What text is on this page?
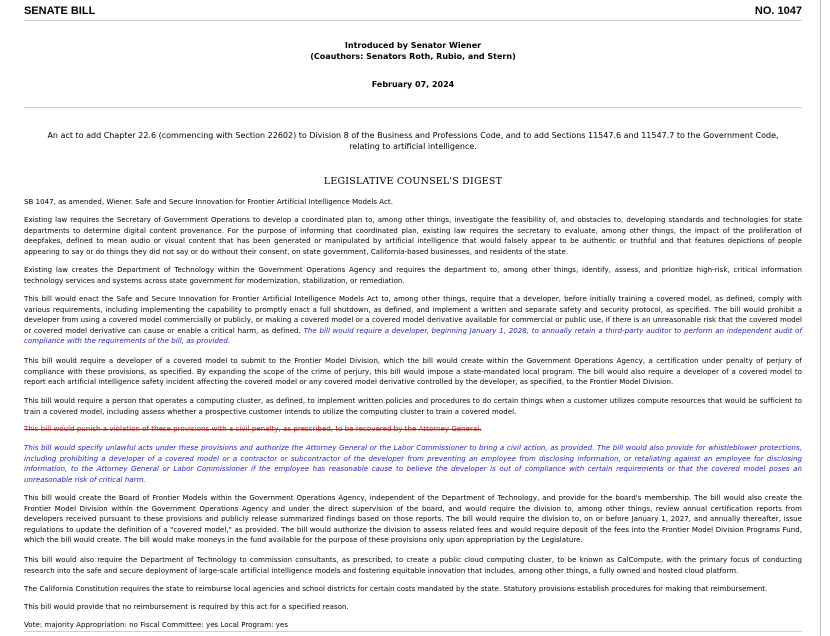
SENATE BILL	NO. 1047
Introduced by Senator Wiener
(Coauthors: Senators Roth, Rubio, and Stern)
February 07, 2024
An act to add Chapter 22.6 (commencing with Section 22602) to Division 8 of the Business and Professions Code, and to add Sections 11547.6 and 11547.7 to the Government Code, relating to artificial intelligence.
LEGISLATIVE COUNSEL'S DIGEST
SB 1047, as amended, Wiener. Safe and Secure Innovation for Frontier Artificial Intelligence Models Act.
Existing law requires the Secretary of Government Operations to develop a coordinated plan to, among other things, investigate the feasibility of, and obstacles to, developing standards and technologies for state departments to determine digital content provenance. For the purpose of informing that coordinated plan, existing law requires the secretary to evaluate, among other things, the impact of the proliferation of deepfakes, defined to mean audio or visual content that has been generated or manipulated by artificial intelligence that would falsely appear to be authentic or truthful and that features depictions of people appearing to say or do things they did not say or do without their consent, on state government, California-based businesses, and residents of the state.
Existing law creates the Department of Technology within the Government Operations Agency and requires the department to, among other things, identify, assess, and prioritize high-risk, critical information technology services and systems across state government for modernization, stabilization, or remediation.
This bill would enact the Safe and Secure Innovation for Frontier Artificial Intelligence Models Act to, among other things, require that a developer, before initially training a covered model, as defined, comply with various requirements, including implementing the capability to promptly enact a full shutdown, as defined, and implement a written and separate safety and security protocol, as specified. The bill would prohibit a developer from using a covered model commercially or publicly, or making a covered model or a covered model derivative available for commercial or public use, if there is an unreasonable risk that the covered model or covered model derivative can cause or enable a critical harm, as defined. The bill would require a developer, beginning January 1, 2028, to annually retain a third-party auditor to perform an independent audit of compliance with the requirements of the bill, as provided.
This bill would require a developer of a covered model to submit to the Frontier Model Division, which the bill would create within the Government Operations Agency, a certification under penalty of perjury of compliance with these provisions, as specified. By expanding the scope of the crime of perjury, this bill would impose a state-mandated local program. The bill would also require a developer of a covered model to report each artificial intelligence safety incident affecting the covered model or any covered model derivative controlled by the developer, as specified, to the Frontier Model Division.
This bill would require a person that operates a computing cluster, as defined, to implement written policies and procedures to do certain things when a customer utilizes compute resources that would be sufficient to train a covered model, including assess whether a prospective customer intends to utilize the computing cluster to train a covered model.
This bill would punish a violation of these provisions with a civil penalty, as prescribed, to be recovered by the Attorney General.
This bill would specify unlawful acts under these provisions and authorize the Attorney General or the Labor Commissioner to bring a civil action, as provided. The bill would also provide for whistleblower protections, including prohibiting a developer of a covered model or a contractor or subcontractor of the developer from preventing an employee from disclosing information, or retaliating against an employee for disclosing information, to the Attorney General or Labor Commissioner if the employee has reasonable cause to believe the developer is out of compliance with certain requirements or that the covered model poses an unreasonable risk of critical harm.
This bill would create the Board of Frontier Models within the Government Operations Agency, independent of the Department of Technology, and provide for the board's membership. The bill would also create the Frontier Model Division within the Government Operations Agency and under the direct supervision of the board, and would require the division to, among other things, review annual certification reports from developers received pursuant to these provisions and publicly release summarized findings based on those reports. The bill would require the division to, on or before January 1, 2027, and annually thereafter, issue regulations to update the definition of a "covered model," as provided. The bill would authorize the division to assess related fees and would require deposit of the fees into the Frontier Model Division Programs Fund, which the bill would create. The bill would make moneys in the fund available for the purpose of these provisions only upon appropriation by the Legislature.
This bill would also require the Department of Technology to commission consultants, as prescribed, to create a public cloud computing cluster, to be known as CalCompute, with the primary focus of conducting research into the safe and secure deployment of large-scale artificial intelligence models and fostering equitable innovation that includes, among other things, a fully owned and hosted cloud platform.
The California Constitution requires the state to reimburse local agencies and school districts for certain costs mandated by the state. Statutory provisions establish procedures for making that reimbursement.
This bill would provide that no reimbursement is required by this act for a specified reason.
Vote: majority Appropriation: no Fiscal Committee: yes Local Program: yes
